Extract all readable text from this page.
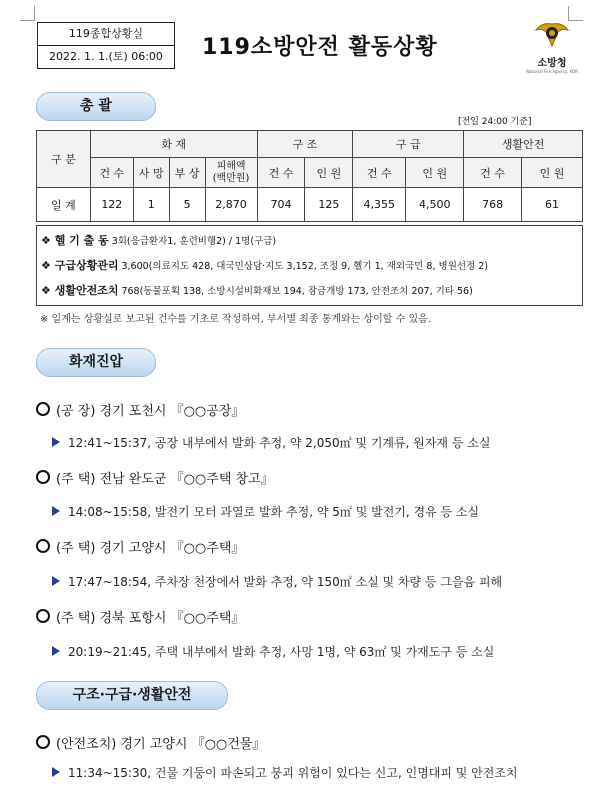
119종합상황실
2022. 1. 1.(토) 06:00	119소방안전 활동상황
소방청
National Fire Agency, KOR
총 괄
[전일 24:00 기준]
구 분	화 재				구 조		구 급		생활안전	
	건 수	사 망	부 상	피해액
(백만원)	건 수	인 원	건 수	인 원	건 수	인 원
일 계	122	1	5	2,870	704	125	4,355	4,500	768	61
❖ 헬 기 출 동 3회(응급환자1, 훈련비행2) / 1명(구급)
❖ 구급상황관리 3,600(의료지도 428, 대국민상담·지도 3,152, 조정 9, 헬기 1, 재외국민 8, 병원선정 2)
❖ 생활안전조치 768(동물포획 138, 소방시설비화재보 194, 잠금개방 173, 안전조치 207, 기타 56)
※ 일계는 상황실로 보고된 건수를 기초로 작성하여, 부서별 최종 통계와는 상이할 수 있음.
화재진압
(공 장) 경기 포천시 『○○공장』
12:41~15:37, 공장 내부에서 발화 추정, 약 2,050㎡ 및 기계류, 원자재 등 소실
(주 택) 전남 완도군 『○○주택 창고』
14:08~15:58, 발전기 모터 과열로 발화 추정, 약 5㎡ 및 발전기, 경유 등 소실
(주 택) 경기 고양시 『○○주택』
17:47~18:54, 주차장 천장에서 발화 추정, 약 150㎡ 소실 및 차량 등 그을음 피해
(주 택) 경북 포항시 『○○주택』
20:19~21:45, 주택 내부에서 발화 추정, 사망 1명, 약 63㎡ 및 가재도구 등 소실
구조·구급·생활안전
(안전조치) 경기 고양시 『○○건물』
11:34~15:30, 건물 기둥이 파손되고 붕괴 위험이 있다는 신고, 인명대피 및 안전조치
